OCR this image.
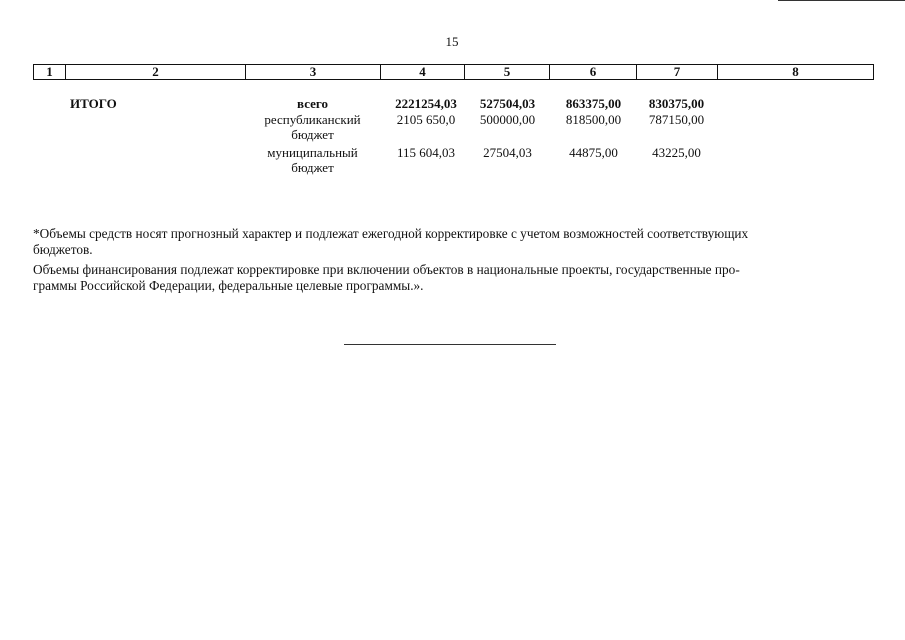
15
1	2	3	4	5	6	7	8
ИТОГО	всего	2221254,03	527504,03	863375,00	830375,00
республиканский
бюджет
2105 650,0	500000,00	818500,00	787150,00
муниципальный
бюджет
115 604,03	27504,03	44875,00	43225,00
*Объемы средств носят прогнозный характер и подлежат ежегодной корректировке с учетом возможностей соответствующих
бюджетов.
Объемы финансирования подлежат корректировке при включении объектов в национальные проекты, государственные про-
граммы Российской Федерации, федеральные целевые программы.».
